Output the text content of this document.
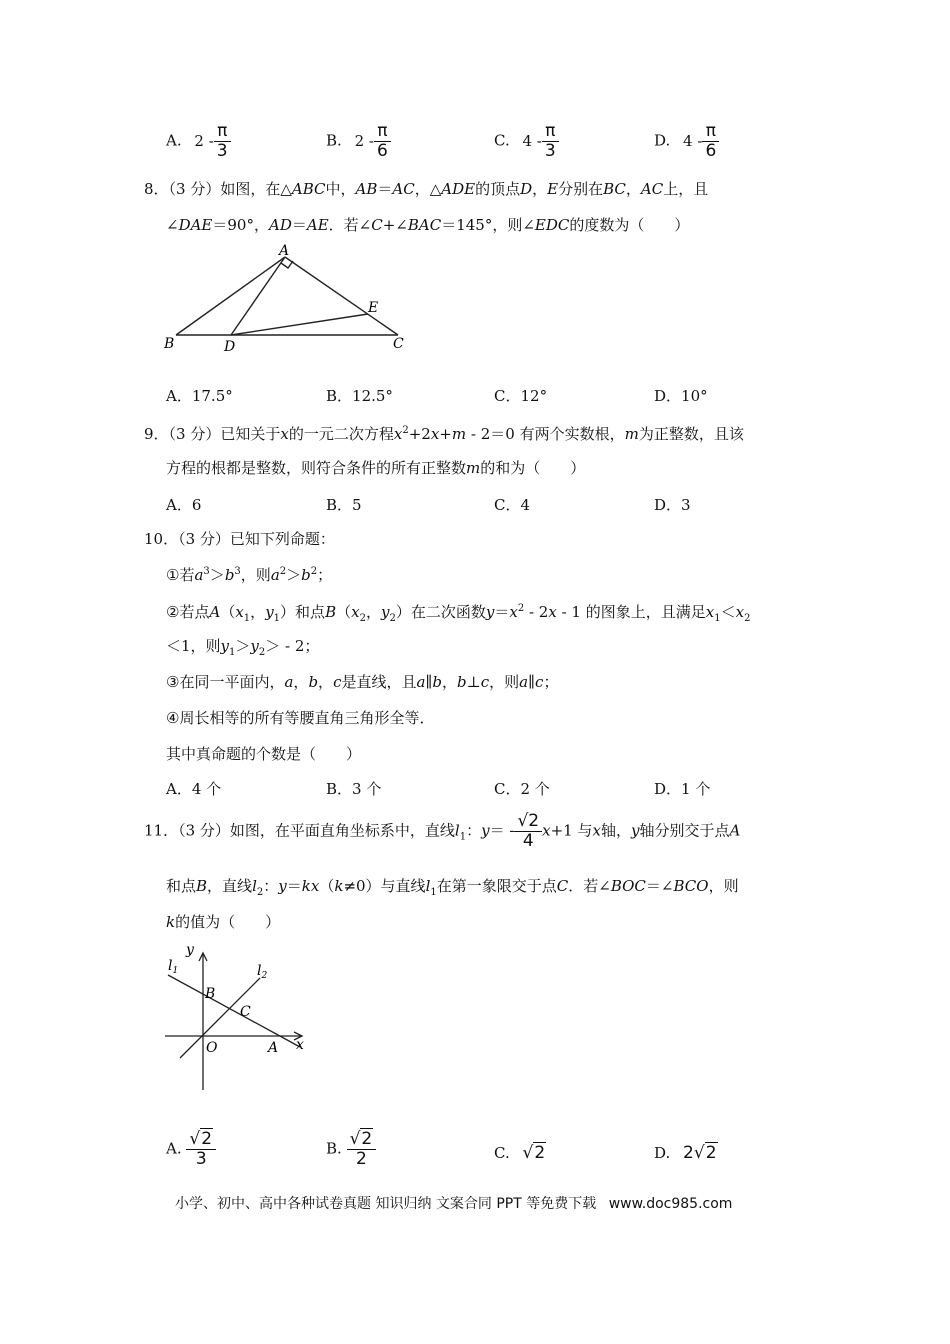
A. $2 - \frac{\pi}{3}$	B. $2 - \frac{\pi}{6}$	C. $4 - \frac{\pi}{3}$	D. $4 - \frac{\pi}{6}$
8．（3 分）如图，在△ABC中，AB＝AC，△ADE的顶点D，E分别在BC，AC上，且
∠DAE＝90°，AD＝AE．若∠C+∠BAC＝145°，则∠EDC的度数为（　　）
A
B	D	C
E
A．17.5°	B．12.5°	C．12°	D．10°
9．（3 分）已知关于x的一元二次方程$x^2+2x+m - 2=0$ 有两个实数根，m为正整数，且该
方程的根都是整数，则符合条件的所有正整数m的和为（　　）
A．6	B．5	C．4	D．3
10．（3 分）已知下列命题：
①若$a^3>b^3$，则$a^2>b^2$；
②若点$A(x_1$，$y_1$）和点$B(x_2$，$y_2$）在二次函数$y=x^2 - 2x - 1$ 的图象上，且满足$x_1<x_2$
＜1，则$y_1>y_2> - 2$；
③在同一平面内，a，b，c是直线，且a∥b，b⊥c，则a∥c；
④周长相等的所有等腰直角三角形全等．
其中真命题的个数是（　　）
A．4 个	B．3 个	C．2 个	D．1 个
11．（3 分）如图，在平面直角坐标系中，直线$l_1$：$y= - \frac{√2}{4} x+1$ 与x轴，y轴分别交于点A
和点B，直线$l_2$：y＝kx（k≠0）与直线$l_1$在第一象限交于点C．若∠BOC＝∠BCO，则
k的值为（　　）
y
x
$l_1$	$l_2$
B
C
O	A
A. $\frac{√2}{3}$	B. $\frac{√2}{2}$	C. √2	D. 2√2
小学、初中、高中各种试卷真题 知识归纳 文案合同 PPT 等免费下载 www.doc985.com
